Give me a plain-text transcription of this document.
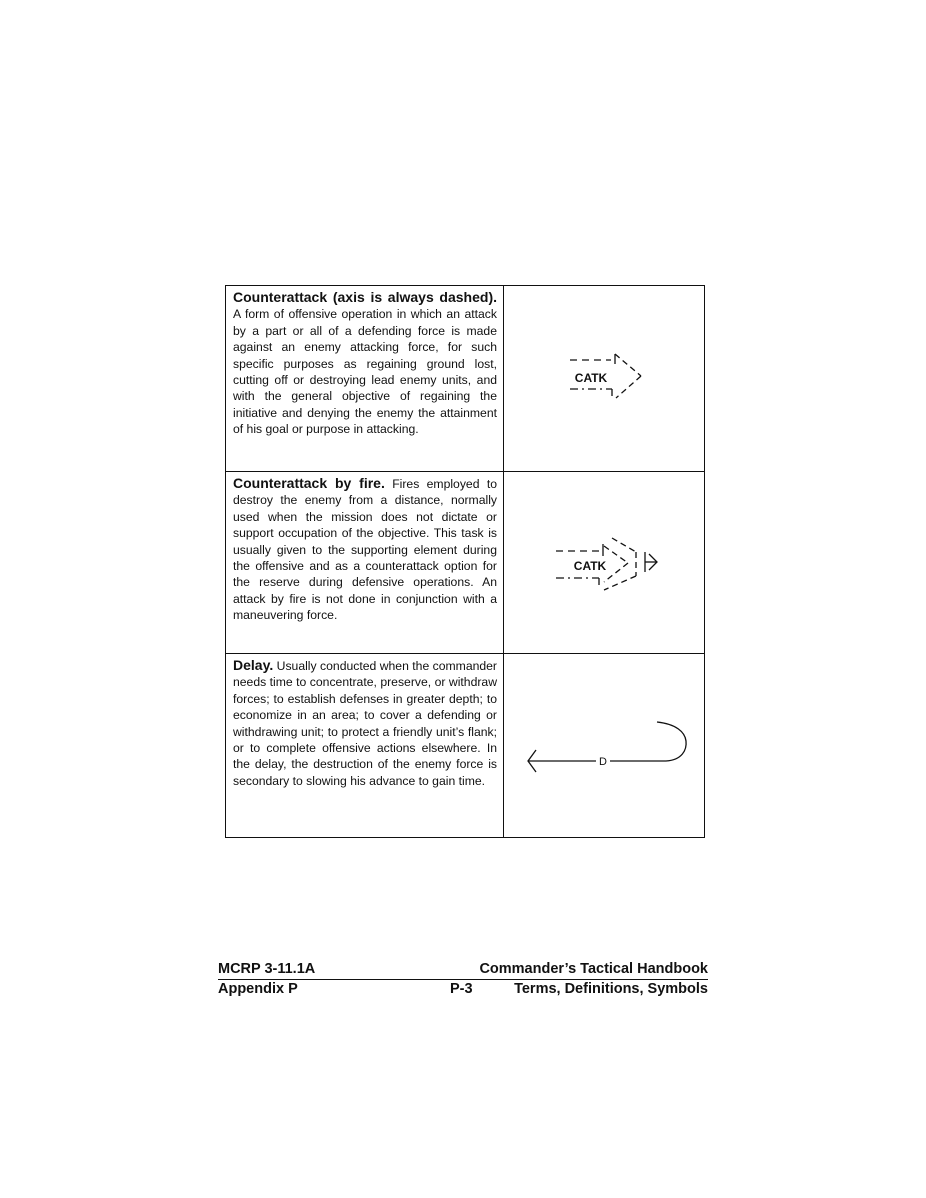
Counterattack (axis is always dashed). A form of offensive operation in which an attack by a part or all of a defending force is made against an enemy attacking force, for such specific purposes as regaining ground lost, cutting off or destroying lead enemy units, and with the general objective of regaining the initiative and denying the enemy the attainment of his goal or purpose in attacking.	CATK

Counterattack by fire. Fires employed to destroy the enemy from a distance, normally used when the mission does not dictate or support occupation of the objective. This task is usually given to the supporting element during the offensive and as a counterattack option for the reserve during defensive operations. An attack by fire is not done in conjunction with a maneuvering force.	CATK

Delay. Usually conducted when the commander needs time to concentrate, preserve, or withdraw forces; to establish defenses in greater depth; to economize in an area; to cover a defending or withdrawing unit; to protect a friendly unit’s flank; or to complete offensive actions elsewhere. In the delay, the destruction of the enemy force is secondary to slowing his advance to gain time.	D
MCRP 3-11.1A	Commander’s Tactical Handbook
Appendix P	P-3	Terms, Definitions, Symbols
